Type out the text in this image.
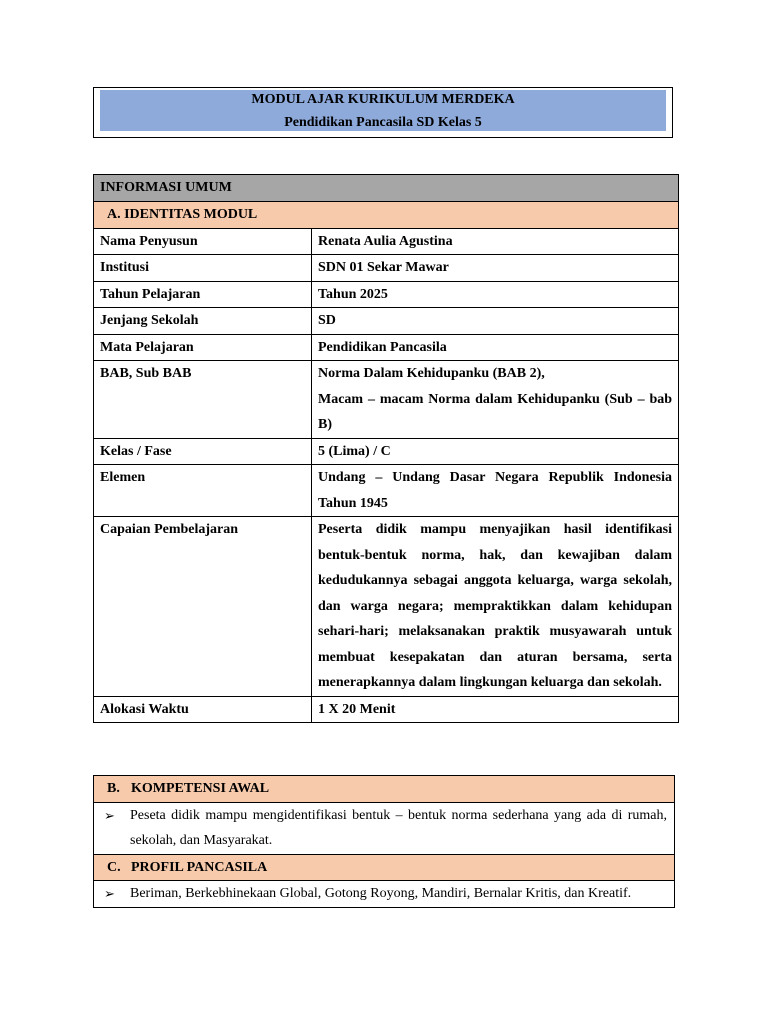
MODUL AJAR KURIKULUM MERDEKA
Pendidikan Pancasila SD Kelas 5
INFORMASI UMUM	
A. IDENTITAS MODUL	
Nama Penyusun	Renata Aulia Agustina
Institusi	SDN 01 Sekar Mawar
Tahun Pelajaran	Tahun 2025
Jenjang Sekolah	SD
Mata Pelajaran	Pendidikan Pancasila
BAB, Sub BAB	Norma Dalam Kehidupanku (BAB 2),
Macam – macam Norma dalam Kehidupanku (Sub – bab B)

Kelas / Fase	5 (Lima) / C
Elemen	Undang – Undang Dasar Negara Republik Indonesia Tahun 1945
Capaian Pembelajaran	Peserta didik mampu menyajikan hasil identifikasi bentuk-bentuk norma, hak, dan kewajiban dalam kedudukannya sebagai anggota keluarga, warga sekolah, dan warga negara; mempraktikkan dalam kehidupan sehari-hari; melaksanakan praktik musyawarah untuk membuat kesepakatan dan aturan bersama, serta menerapkannya dalam lingkungan keluarga dan sekolah.
Alokasi Waktu	1 X 20 Menit
B. KOMPETENSI AWAL

➢	Peseta didik mampu mengidentifikasi bentuk – bentuk norma sederhana yang ada di rumah, sekolah, dan Masyarakat.

C. PROFIL PANCASILA

➢	Beriman, Berkebhinekaan Global, Gotong Royong, Mandiri, Bernalar Kritis, dan Kreatif.
